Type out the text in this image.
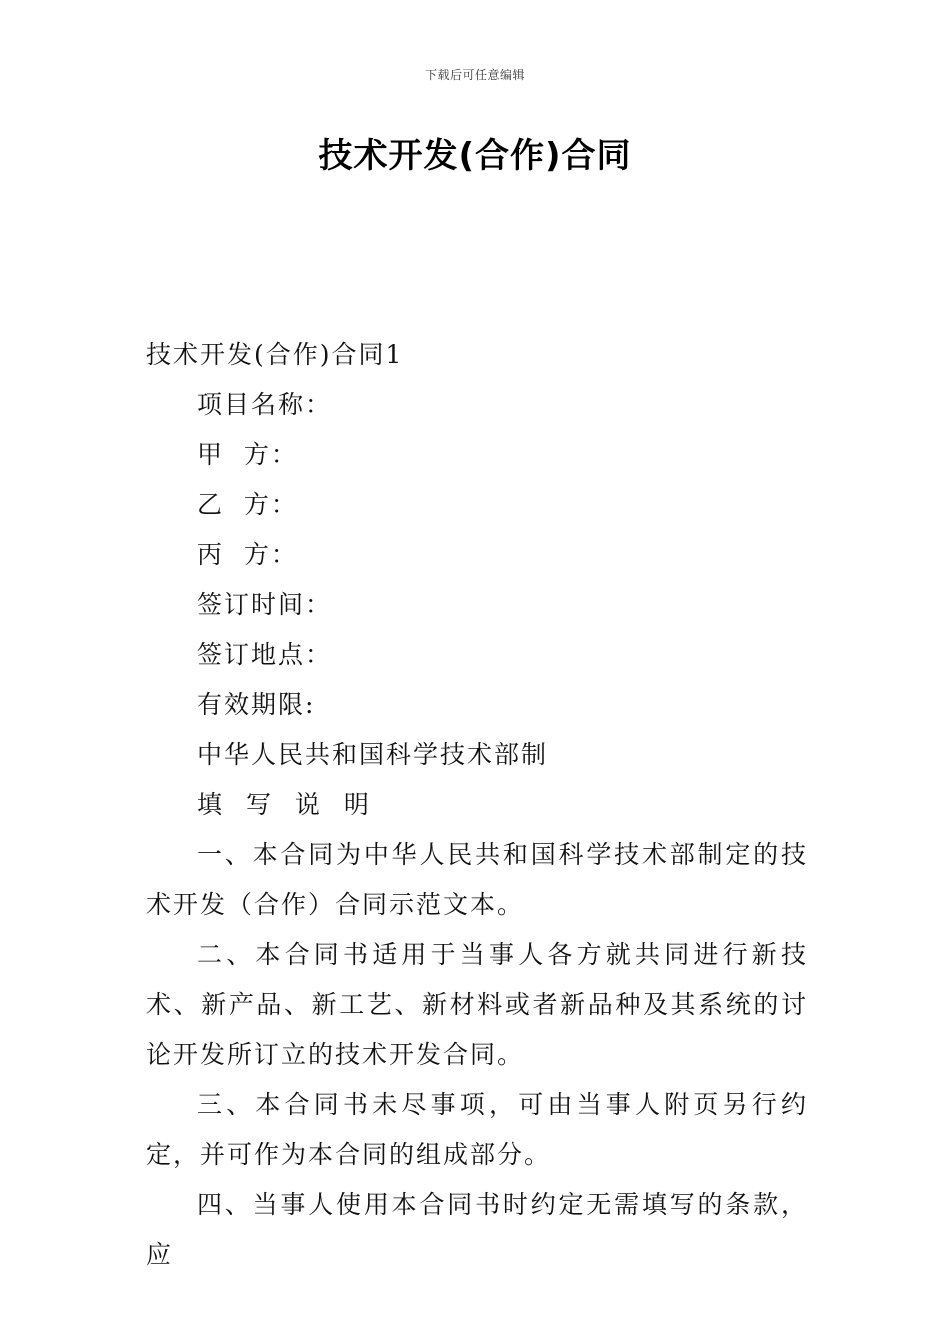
下载后可任意编辑
技术开发(合作)合同

技术开发(合作)合同1

项目名称：

甲  方：

乙  方：

丙  方：

签订时间：

签订地点：

有效期限:

中华人民共和国科学技术部制

填 写 说 明

一、本合同为中华人民共和国科学技术部制定的技术开发（合作）合同示范文本。

二、本合同书适用于当事人各方就共同进行新技术、新产品、新工艺、新材料或者新品种及其系统的讨论开发所订立的技术开发合同。

三、本合同书未尽事项，可由当事人附页另行约定，并可作为本合同的组成部分。

四、当事人使用本合同书时约定无需填写的条款，应
